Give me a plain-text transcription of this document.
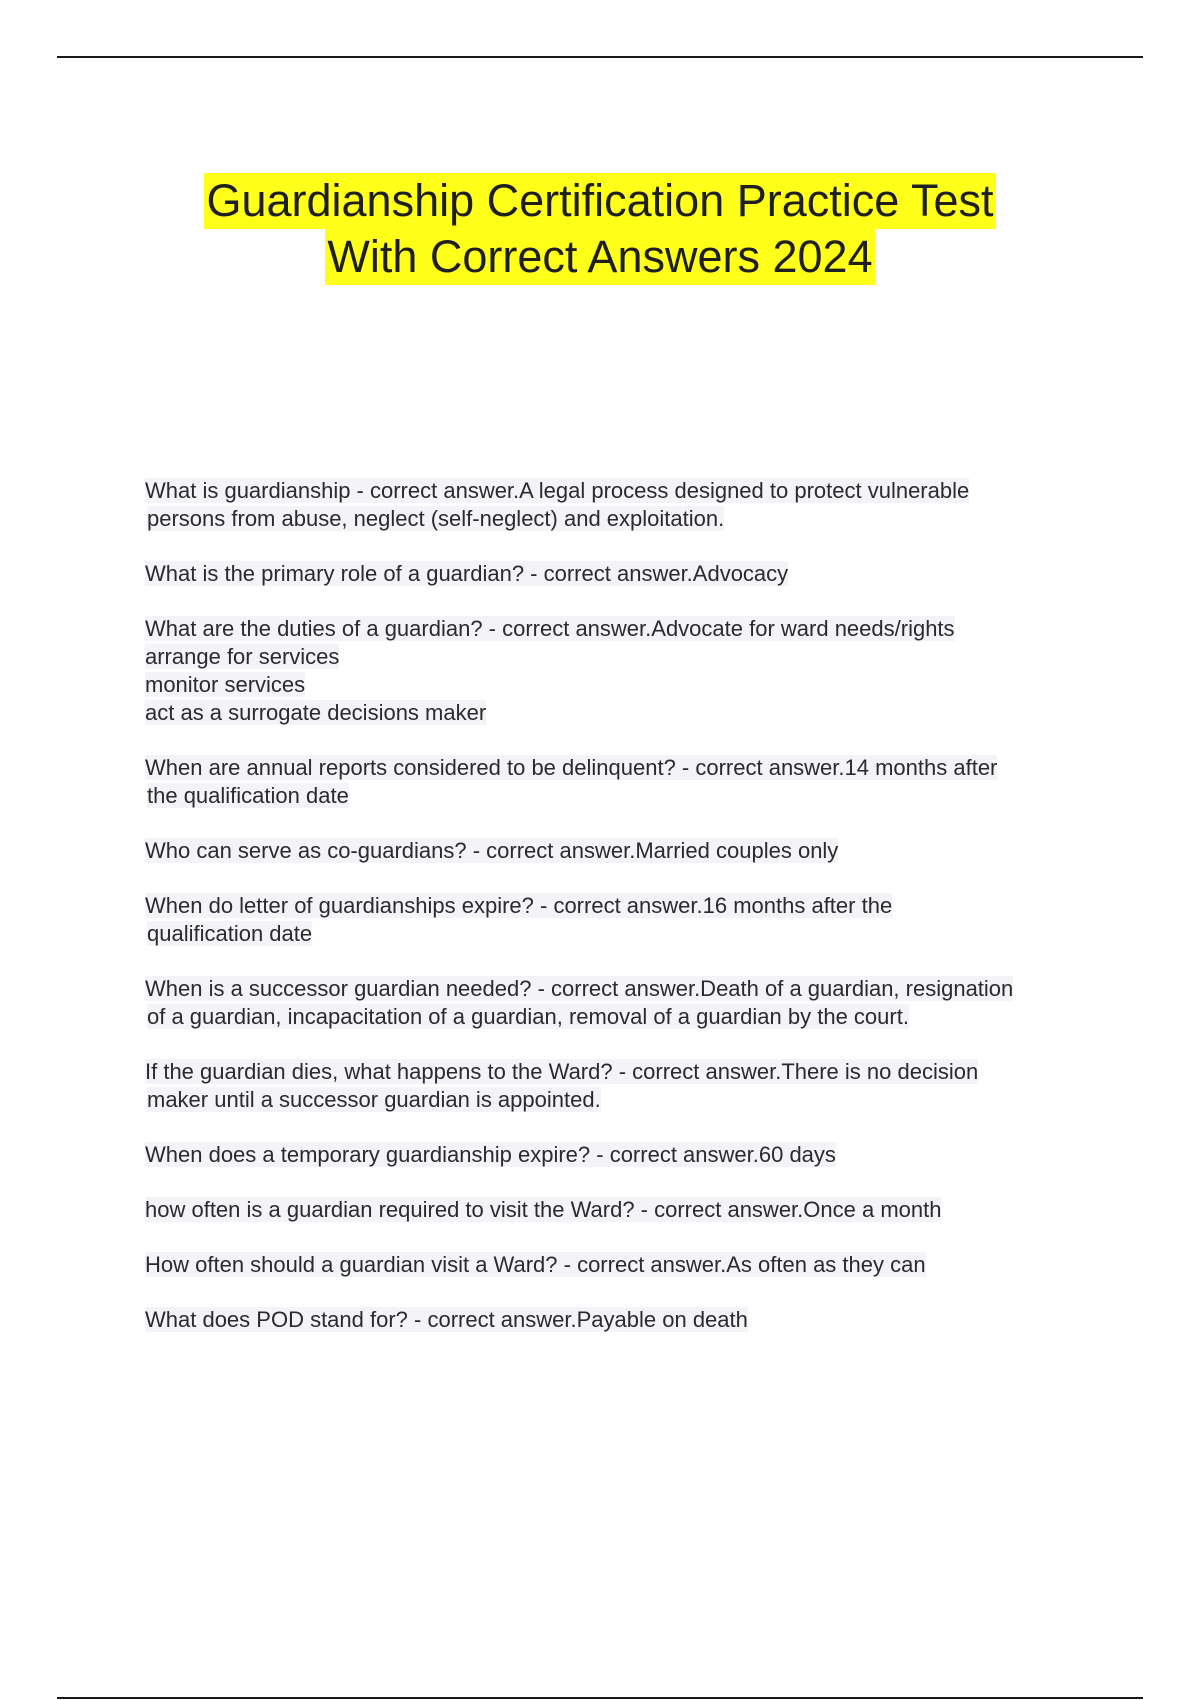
Guardianship Certification Practice Test
With Correct Answers 2024
What is guardianship - correct answer.A legal process designed to protect vulnerable
persons from abuse, neglect (self-neglect) and exploitation.
What is the primary role of a guardian? - correct answer.Advocacy
What are the duties of a guardian? - correct answer.Advocate for ward needs/rights
arrange for services
monitor services
act as a surrogate decisions maker
When are annual reports considered to be delinquent? - correct answer.14 months after
the qualification date
Who can serve as co-guardians? - correct answer.Married couples only
When do letter of guardianships expire? - correct answer.16 months after the
qualification date
When is a successor guardian needed? - correct answer.Death of a guardian, resignation
of a guardian, incapacitation of a guardian, removal of a guardian by the court.
If the guardian dies, what happens to the Ward? - correct answer.There is no decision
maker until a successor guardian is appointed.
When does a temporary guardianship expire? - correct answer.60 days
how often is a guardian required to visit the Ward? - correct answer.Once a month
How often should a guardian visit a Ward? - correct answer.As often as they can
What does POD stand for? - correct answer.Payable on death
